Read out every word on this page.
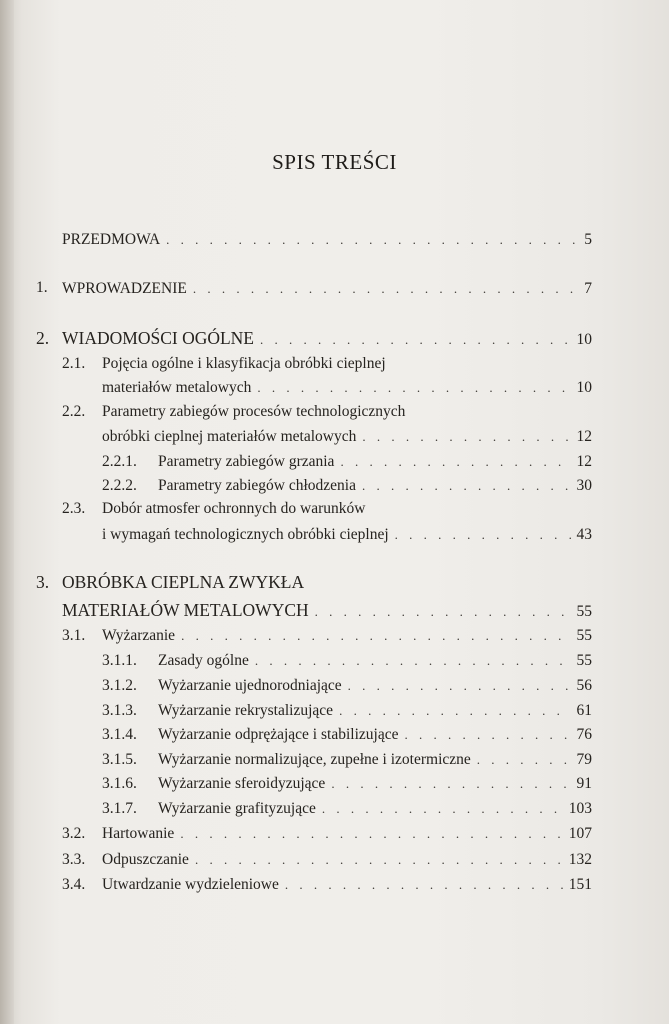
SPIS TREŚCI
PRZEDMOWA . . .	5
1. WPROWADZENIE . . .	7
2. WIADOMOŚCI OGÓLNE . . .	10
2.1. Pojęcia ogólne i klasyfikacja obróbki cieplnej
materiałów metalowych . . .	10
2.2. Parametry zabiegów procesów technologicznych
obróbki cieplnej materiałów metalowych . . .	12
2.2.1.	Parametry zabiegów grzania . . .	12
2.2.2.	Parametry zabiegów chłodzenia . . .	30
2.3. Dobór atmosfer ochronnych do warunków
i wymagań technologicznych obróbki cieplnej . . .	43
3. OBRÓBKA CIEPLNA ZWYKŁA
MATERIAŁÓW METALOWYCH . . .	55
3.1.	Wyżarzanie . . .	55
3.1.1.	Zasady ogólne . . .	55
3.1.2.	Wyżarzanie ujednorodniające . . .	56
3.1.3.	Wyżarzanie rekrystalizujące . . .	61
3.1.4.	Wyżarzanie odprężające i stabilizujące . . .	76
3.1.5.	Wyżarzanie normalizujące, zupełne i izotermiczne . . .	79
3.1.6.	Wyżarzanie sferoidyzujące . . .	91
3.1.7.	Wyżarzanie grafityzujące . . .	103
3.2.	Hartowanie . . .	107
3.3.	Odpuszczanie . . .	132
3.4.	Utwardzanie wydzieleniowe . . .	151
